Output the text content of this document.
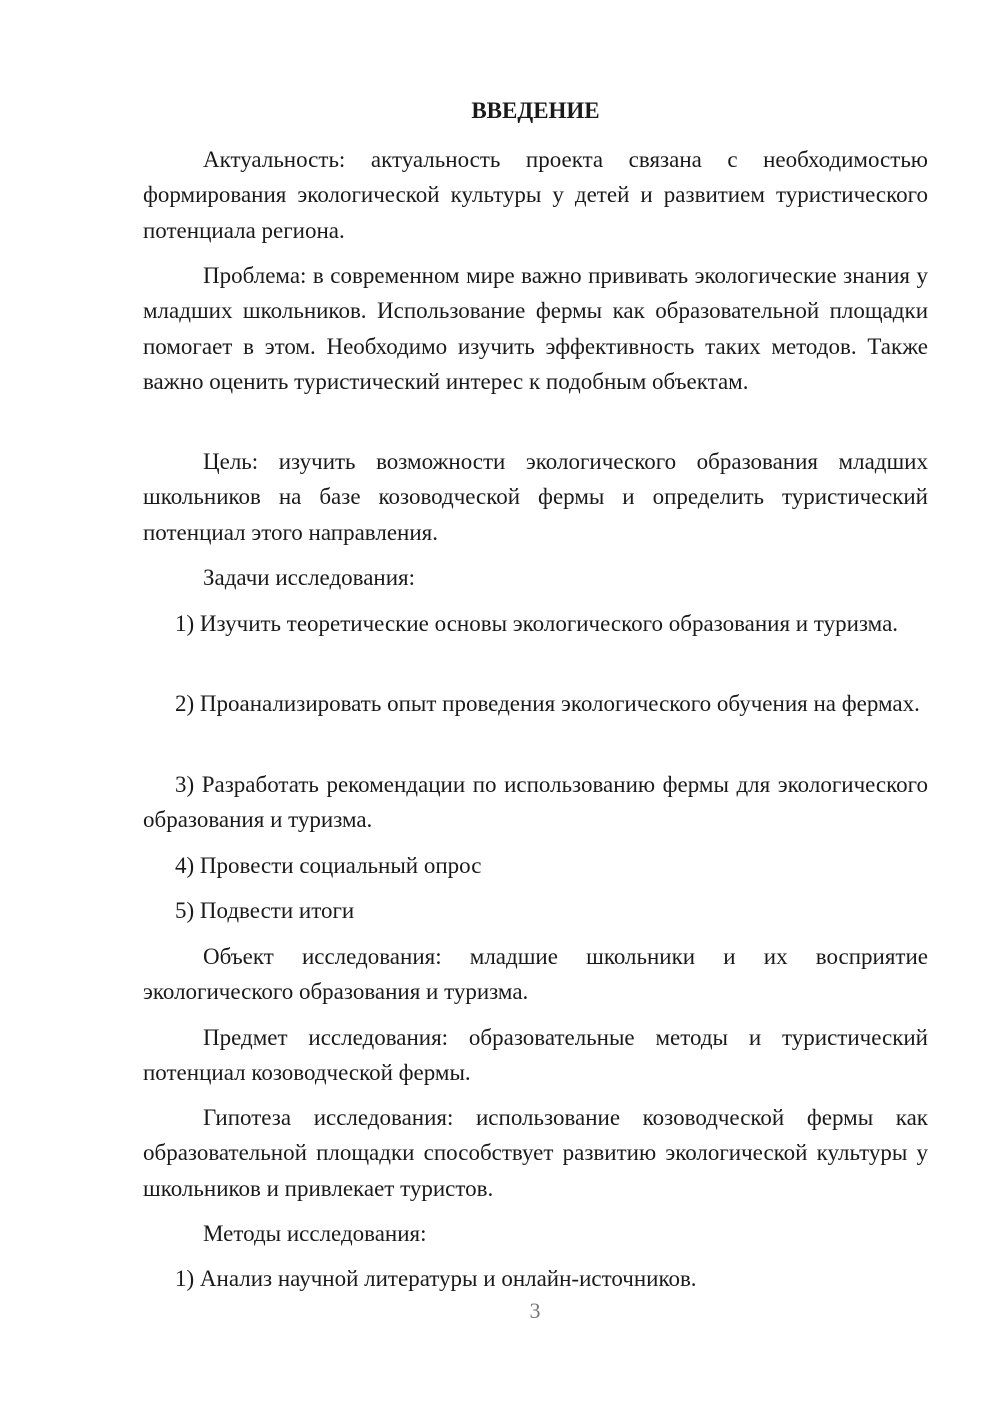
ВВЕДЕНИЕ

Актуальность: актуальность проекта связана с необходимостью формирования экологической культуры у детей и развитием туристического потенциала региона.

Проблема: в современном мире важно прививать экологические знания у младших школьников. Использование фермы как образовательной площадки помогает в этом. Необходимо изучить эффективность таких методов. Также важно оценить туристический интерес к подобным объектам.

Цель: изучить возможности экологического образования младших школьников на базе козоводческой фермы и определить туристический потенциал этого направления.

Задачи исследования:

1) Изучить теоретические основы экологического образования и туризма.

2) Проанализировать опыт проведения экологического обучения на фермах.

3) Разработать рекомендации по использованию фермы для экологического образования и туризма.

4) Провести социальный опрос

5) Подвести итоги

Объект исследования: младшие школьники и их восприятие экологического образования и туризма.

Предмет исследования: образовательные методы и туристический потенциал козоводческой фермы.

Гипотеза исследования: использование козоводческой фермы как образовательной площадки способствует развитию экологической культуры у школьников и привлекает туристов.

Методы исследования:

1) Анализ научной литературы и онлайн-источников.

3
